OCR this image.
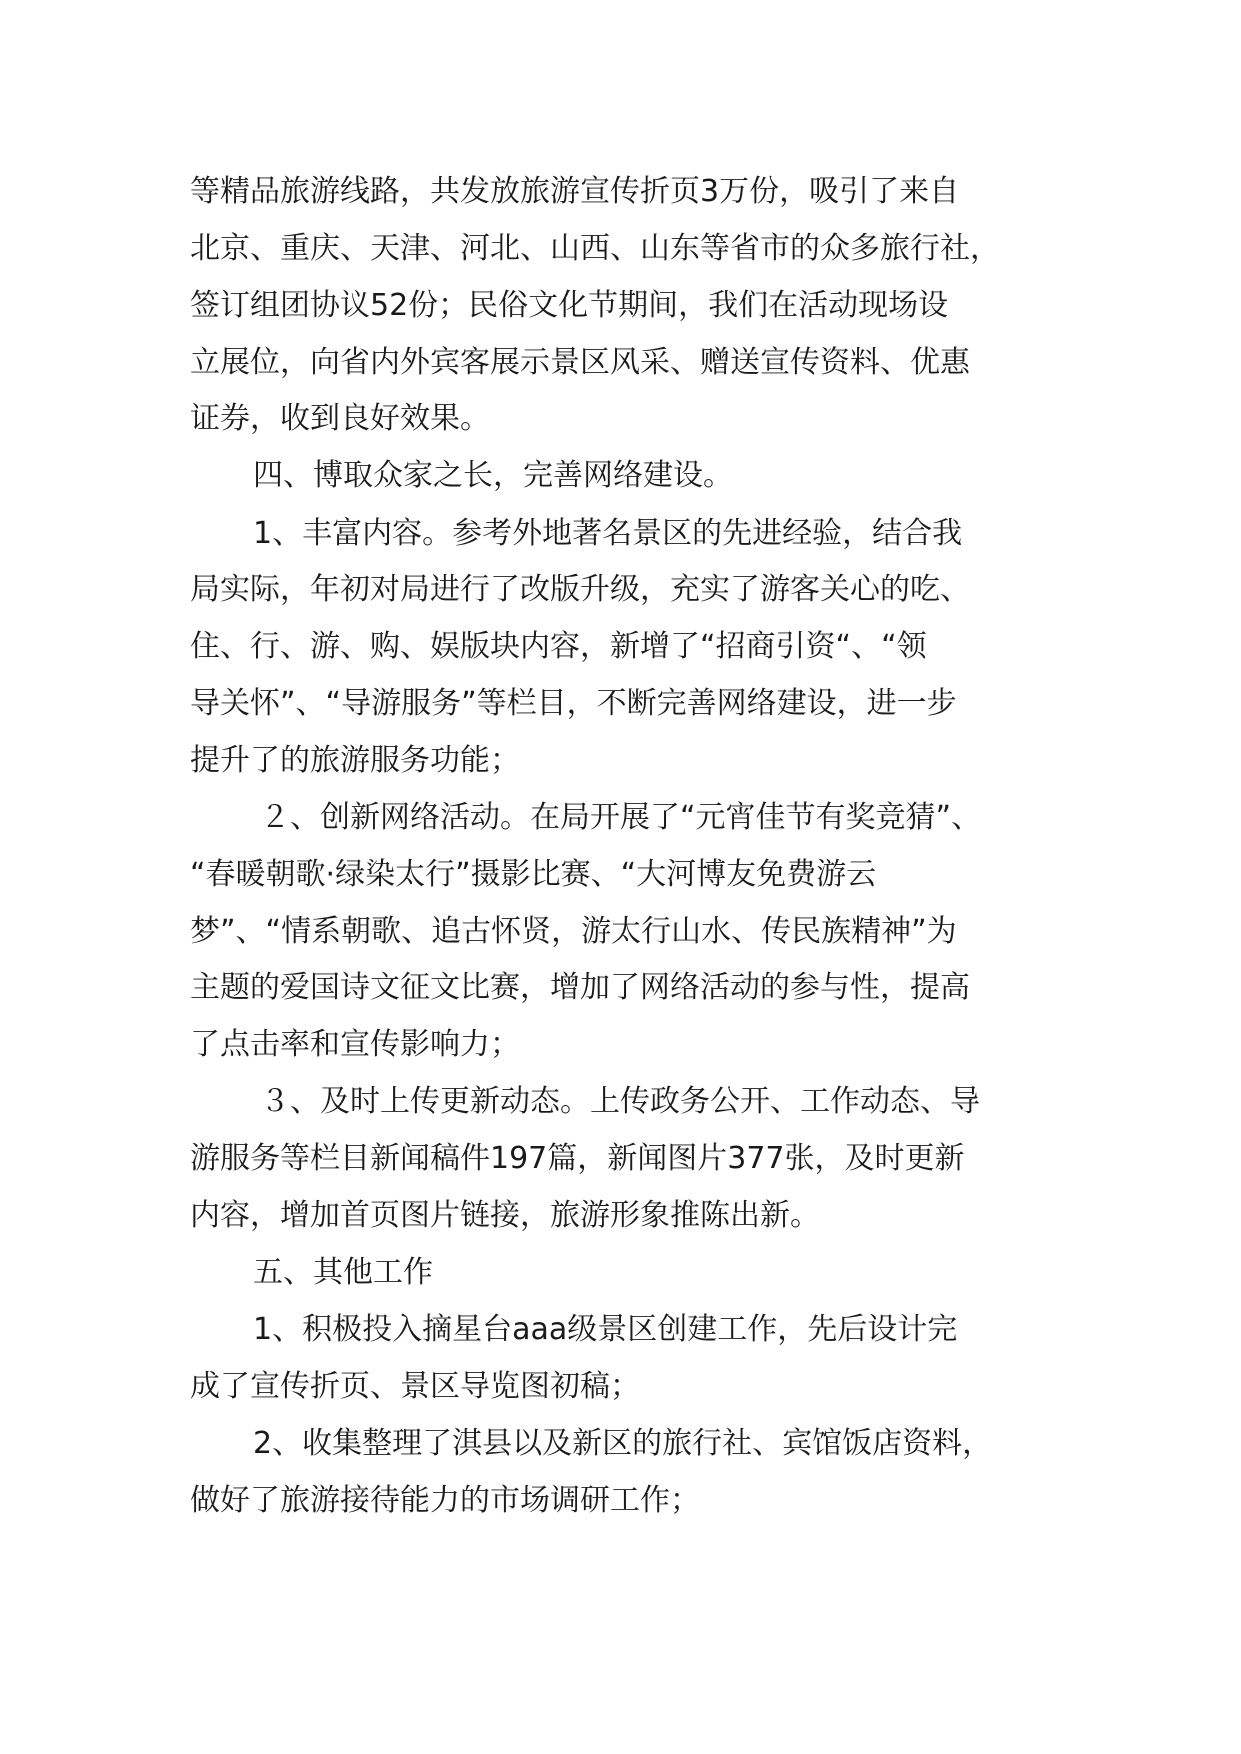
等精品旅游线路，共发放旅游宣传折页3万份，吸引了来自
北京、重庆、天津、河北、山西、山东等省市的众多旅行社，
签订组团协议52份；民俗文化节期间，我们在活动现场设
立展位，向省内外宾客展示景区风采、赠送宣传资料、优惠
证券，收到良好效果。
四、博取众家之长，完善网络建设。
1、丰富内容。参考外地著名景区的先进经验，结合我
局实际，年初对局进行了改版升级，充实了游客关心的吃、
住、行、游、购、娱版块内容，新增了“招商引资“、“领
导关怀”、“导游服务”等栏目，不断完善网络建设，进一步
提升了的旅游服务功能；
２、创新网络活动。在局开展了“元宵佳节有奖竞猜”、
“春暖朝歌·绿染太行”摄影比赛、“大河博友免费游云
梦”、“情系朝歌、追古怀贤，游太行山水、传民族精神”为
主题的爱国诗文征文比赛，增加了网络活动的参与性，提高
了点击率和宣传影响力；
３、及时上传更新动态。上传政务公开、工作动态、导
游服务等栏目新闻稿件197篇，新闻图片377张，及时更新
内容，增加首页图片链接，旅游形象推陈出新。
五、其他工作
1、积极投入摘星台aaa级景区创建工作，先后设计完
成了宣传折页、景区导览图初稿；
2、收集整理了淇县以及新区的旅行社、宾馆饭店资料，
做好了旅游接待能力的市场调研工作；
